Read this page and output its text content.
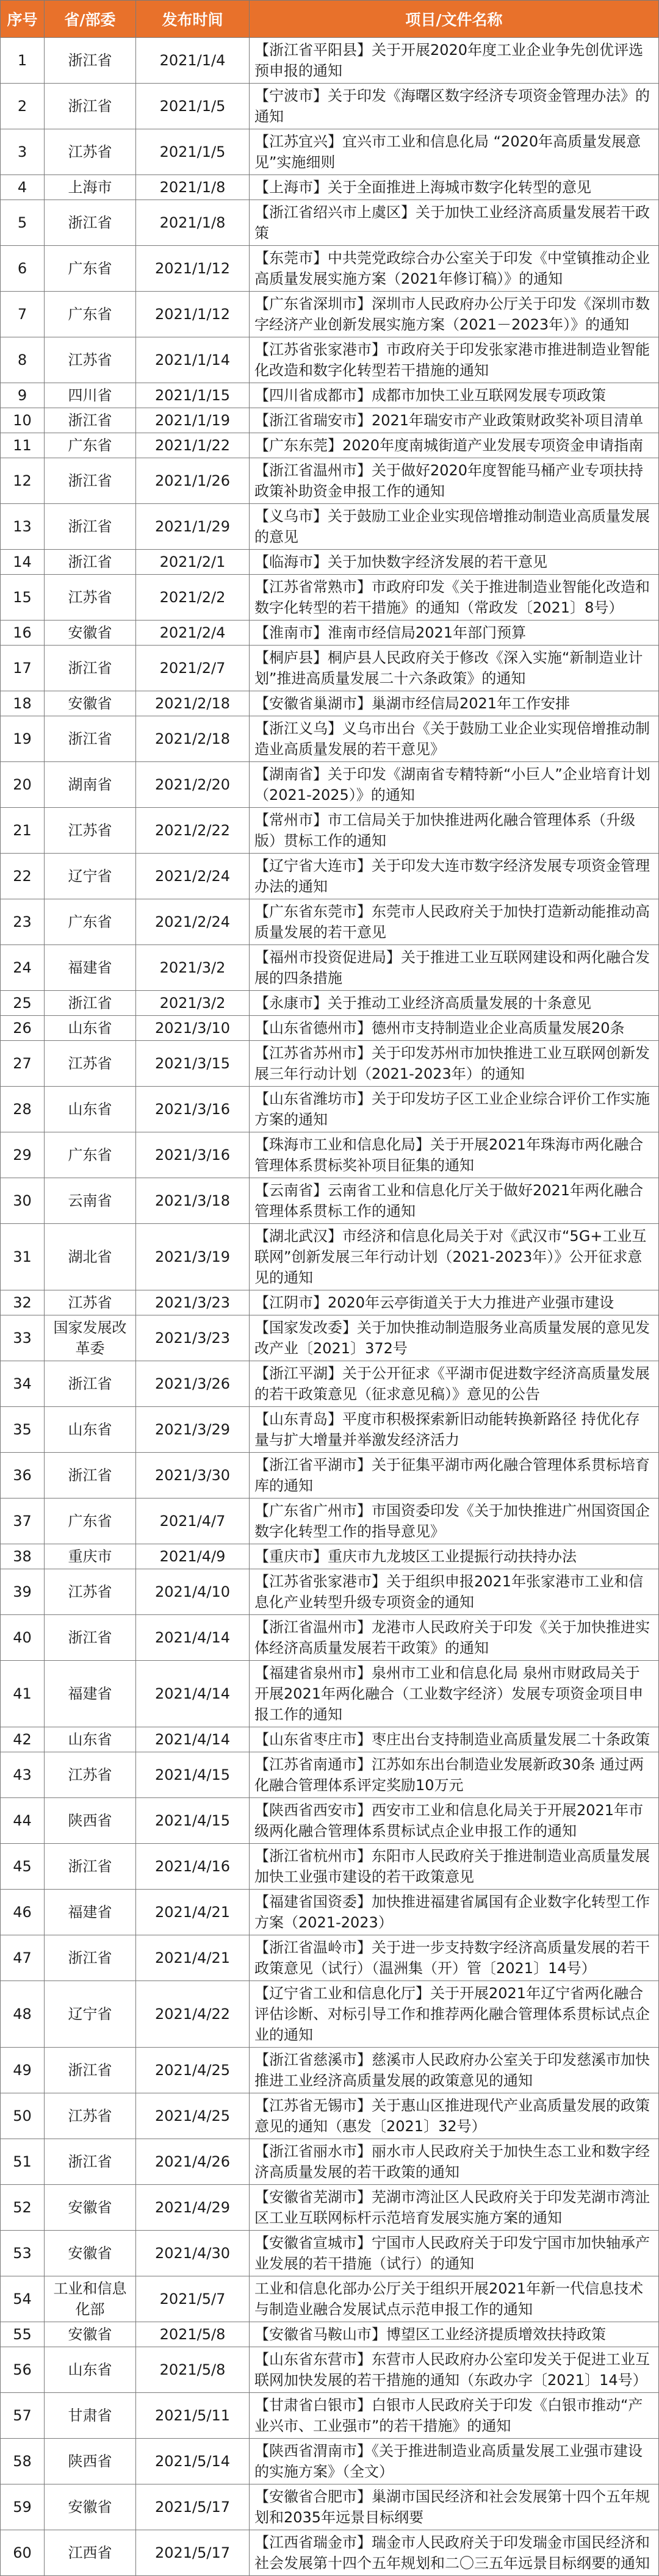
序号	省/部委	发布时间	项目/文件名称
1	浙江省	2021/1/4	【浙江省平阳县】关于开展2020年度工业企业争先创优评选预申报的通知
2	浙江省	2021/1/5	【宁波市】关于印发《海曙区数字经济专项资金管理办法》的通知
3	江苏省	2021/1/5	【江苏宜兴】宜兴市工业和信息化局 “2020年高质量发展意见”实施细则
4	上海市	2021/1/8	【上海市】关于全面推进上海城市数字化转型的意见
5	浙江省	2021/1/8	【浙江省绍兴市上虞区】关于加快工业经济高质量发展若干政策
6	广东省	2021/1/12	【东莞市】中共莞党政综合办公室关于印发《中堂镇推动企业高质量发展实施方案（2021年修订稿）》的通知
7	广东省	2021/1/12	【广东省深圳市】深圳市人民政府办公厅关于印发《深圳市数字经济产业创新发展实施方案（2021－2023年）》的通知
8	江苏省	2021/1/14	【江苏省张家港市】市政府关于印发张家港市推进制造业智能化改造和数字化转型若干措施的通知
9	四川省	2021/1/15	【四川省成都市】成都市加快工业互联网发展专项政策
10	浙江省	2021/1/19	【浙江省瑞安市】2021年瑞安市产业政策财政奖补项目清单
11	广东省	2021/1/22	【广东东莞】2020年度南城街道产业发展专项资金申请指南
12	浙江省	2021/1/26	【浙江省温州市】关于做好2020年度智能马桶产业专项扶持政策补助资金申报工作的通知
13	浙江省	2021/1/29	【义乌市】关于鼓励工业企业实现倍增推动制造业高质量发展的意见
14	浙江省	2021/2/1	【临海市】关于加快数字经济发展的若干意见
15	江苏省	2021/2/2	【江苏省常熟市】市政府印发《关于推进制造业智能化改造和数字化转型的若干措施》的通知（常政发〔2021〕8号）
16	安徽省	2021/2/4	【淮南市】淮南市经信局2021年部门预算
17	浙江省	2021/2/7	【桐庐县】桐庐县人民政府关于修改《深入实施“新制造业计划”推进高质量发展二十六条政策》的通知
18	安徽省	2021/2/18	【安徽省巢湖市】巢湖市经信局2021年工作安排
19	浙江省	2021/2/18	【浙江义乌】义乌市出台《关于鼓励工业企业实现倍增推动制造业高质量发展的若干意见》
20	湖南省	2021/2/20	【湖南省】关于印发《湖南省专精特新“小巨人”企业培育计划（2021-2025）》的通知
21	江苏省	2021/2/22	【常州市】市工信局关于加快推进两化融合管理体系（升级版）贯标工作的通知
22	辽宁省	2021/2/24	【辽宁省大连市】关于印发大连市数字经济发展专项资金管理办法的通知
23	广东省	2021/2/24	【广东省东莞市】东莞市人民政府关于加快打造新动能推动高质量发展的若干意见
24	福建省	2021/3/2	【福州市投资促进局】关于推进工业互联网建设和两化融合发展的四条措施
25	浙江省	2021/3/2	【永康市】关于推动工业经济高质量发展的十条意见
26	山东省	2021/3/10	【山东省德州市】德州市支持制造业企业高质量发展20条
27	江苏省	2021/3/15	【江苏省苏州市】关于印发苏州市加快推进工业互联网创新发展三年行动计划（2021-2023年）的通知
28	山东省	2021/3/16	【山东省潍坊市】关于印发坊子区工业企业综合评价工作实施方案的通知
29	广东省	2021/3/16	【珠海市工业和信息化局】关于开展2021年珠海市两化融合管理体系贯标奖补项目征集的通知
30	云南省	2021/3/18	【云南省】云南省工业和信息化厅关于做好2021年两化融合管理体系贯标工作的通知
31	湖北省	2021/3/19	【湖北武汉】市经济和信息化局关于对《武汉市“5G+工业互联网”创新发展三年行动计划（2021-2023年）》公开征求意见的通知
32	江苏省	2021/3/23	【江阴市】2020年云亭街道关于大力推进产业强市建设
33	国家发展改革委	2021/3/23	【国家发改委】关于加快推动制造服务业高质量发展的意见发改产业〔2021〕372号
34	浙江省	2021/3/26	【浙江平湖】关于公开征求《平湖市促进数字经济高质量发展的若干政策意见（征求意见稿）》意见的公告
35	山东省	2021/3/29	【山东青岛】平度市积极探索新旧动能转换新路径 持优化存量与扩大增量并举激发经济活力
36	浙江省	2021/3/30	【浙江省平湖市】关于征集平湖市两化融合管理体系贯标培育库的通知
37	广东省	2021/4/7	【广东省广州市】市国资委印发《关于加快推进广州国资国企数字化转型工作的指导意见》
38	重庆市	2021/4/9	【重庆市】重庆市九龙坡区工业提振行动扶持办法
39	江苏省	2021/4/10	【江苏省张家港市】关于组织申报2021年张家港市工业和信息化产业转型升级专项资金的通知
40	浙江省	2021/4/14	【浙江省温州市】龙港市人民政府关于印发《关于加快推进实体经济高质量发展若干政策》的通知
41	福建省	2021/4/14	【福建省泉州市】泉州市工业和信息化局 泉州市财政局关于开展2021年两化融合（工业数字经济）发展专项资金项目申报工作的通知
42	山东省	2021/4/14	【山东省枣庄市】枣庄出台支持制造业高质量发展二十条政策
43	江苏省	2021/4/15	【江苏省南通市】江苏如东出台制造业发展新政30条 通过两化融合管理体系评定奖励10万元
44	陕西省	2021/4/15	【陕西省西安市】西安市工业和信息化局关于开展2021年市级两化融合管理体系贯标试点企业申报工作的通知
45	浙江省	2021/4/16	【浙江省杭州市】东阳市人民政府关于推进制造业高质量发展加快工业强市建设的若干政策意见
46	福建省	2021/4/21	【福建省国资委】加快推进福建省属国有企业数字化转型工作方案（2021-2023）
47	浙江省	2021/4/21	【浙江省温岭市】关于进一步支持数字经济高质量发展的若干政策意见（试行）（温洲集（开）管〔2021〕14号）
48	辽宁省	2021/4/22	【辽宁省工业和信息化厅】关于开展2021年辽宁省两化融合评估诊断、对标引导工作和推荐两化融合管理体系贯标试点企业的通知
49	浙江省	2021/4/25	【浙江省慈溪市】慈溪市人民政府办公室关于印发慈溪市加快推进工业经济高质量发展的政策意见的通知
50	江苏省	2021/4/25	【江苏省无锡市】关于惠山区推进现代产业高质量发展的政策意见的通知（惠发〔2021〕32号）
51	浙江省	2021/4/26	【浙江省丽水市】丽水市人民政府关于加快生态工业和数字经济高质量发展的若干政策的通知
52	安徽省	2021/4/29	【安徽省芜湖市】芜湖市湾沚区人民政府关于印发芜湖市湾沚区工业互联网标杆示范培育发展实施方案的通知
53	安徽省	2021/4/30	【安徽省宣城市】宁国市人民政府关于印发宁国市加快轴承产业发展的若干措施（试行）的通知
54	工业和信息化部	2021/5/7	工业和信息化部办公厅关于组织开展2021年新一代信息技术与制造业融合发展试点示范申报工作的通知
55	安徽省	2021/5/8	【安徽省马鞍山市】博望区工业经济提质增效扶持政策
56	山东省	2021/5/8	【山东省东营市】东营市人民政府办公室印发关于促进工业互联网加快发展的若干措施的通知（东政办字〔2021〕14号）
57	甘肃省	2021/5/11	【甘肃省白银市】白银市人民政府关于印发《白银市推动“产业兴市、工业强市”的若干措施》的通知
58	陕西省	2021/5/14	【陕西省渭南市】《关于推进制造业高质量发展工业强市建设的实施方案》（全文）
59	安徽省	2021/5/17	【安徽省合肥市】巢湖市国民经济和社会发展第十四个五年规划和2035年远景目标纲要
60	江西省	2021/5/17	【江西省瑞金市】瑞金市人民政府关于印发瑞金市国民经济和社会发展第十四个五年规划和二〇三五年远景目标纲要的通知
